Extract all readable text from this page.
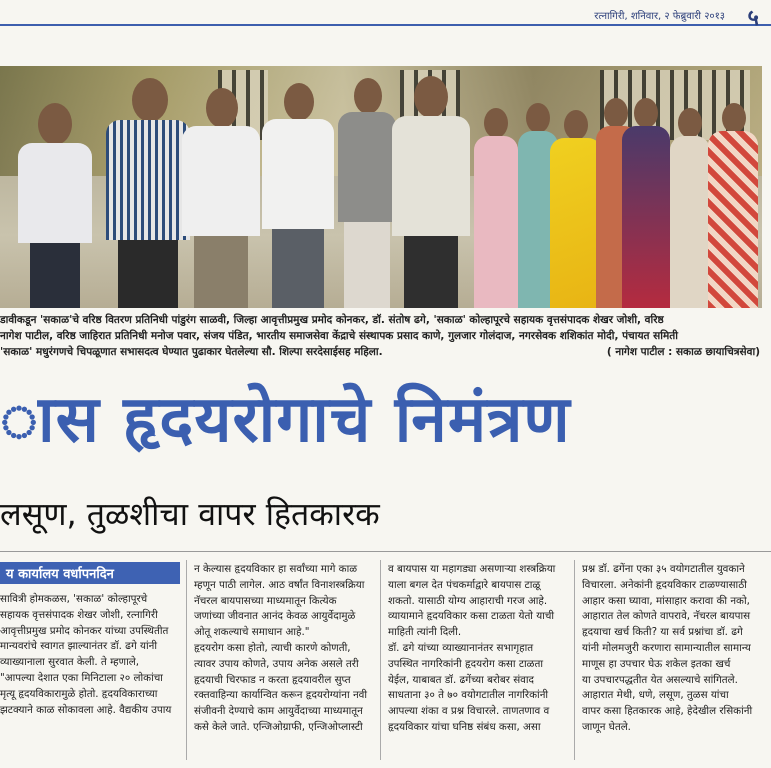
रत्नागिरी, शनिवार, २ फेब्रुवारी २०१३ ५

डावीकडून 'सकाळ'चे वरिष्ठ वितरण प्रतिनिधी पांडुरंग साळवी, जिल्हा आवृत्तीप्रमुख प्रमोद कोनकर, डॉ. संतोष ढगे, 'सकाळ' कोल्हापूरचे सहायक वृत्तसंपादक शेखर जोशी, वरिष्ठ

नागेश पाटील, वरिष्ठ जाहिरात प्रतिनिधी मनोज पवार, संजय पंडित, भारतीय समाजसेवा केंद्राचे संस्थापक प्रसाद काणे, गुलजार गोलंदाज, नगरसेवक शशिकांत मोदी, पंचायत समिती

'सकाळ' मधुरंगणचे चिपळूणात सभासदत्व घेण्यात पुढाकार घेतलेल्या सौ. शिल्पा सरदेसाईसह महिला.	( नागेश पाटील : सकाळ छायाचित्रसेवा)

ास हृदयरोगाचे निमंत्रण
लसूण, तुळशीचा वापर हितकारक
य कार्यालय वर्धापनदिन

सावित्री होमकळस, 'सकाळ' कोल्हापूरचे

सहायक वृत्तसंपादक शेखर जोशी, रत्नागिरी

आवृत्तीप्रमुख प्रमोद कोनकर यांच्या उपस्थितीत

मान्यवरांचे स्वागत झाल्यानंतर डॉ. ढगे यांनी

व्याख्यानाला सुरवात केली. ते म्हणाले,

"आपल्या देशात एका मिनिटाला २० लोकांचा

मृत्यू हृदयविकारामुळे होतो. हृदयविकाराच्या

झटक्याने काळ सोकावला आहे. वैद्यकीय उपाय

न केल्यास हृदयविकार हा सर्वांच्या मागे काळ

म्हणून पाठी लागेल. आठ वर्षांत विनाशस्त्रक्रिया

नॅचरल बायपासच्या माध्यमातून कित्येक

जणांच्या जीवनात आनंद केवळ आयुर्वेदामुळे

ओतू शकल्याचे समाधान आहे."

हृदयरोग कसा होतो, त्याची कारणे कोणती,

त्यावर उपाय कोणते, उपाय अनेक असले तरी

हृदयाची चिरफाड न करता हृदयावरील सुप्त

रक्तवाहिन्या कार्यान्वित करून हृदयरोग्यांना नवी

संजीवनी देण्याचे काम आयुर्वेदाच्या माध्यमातून

कसे केले जाते. एन्जिओग्राफी, एन्जिओप्लास्टी

व बायपास या महागड्या असणाऱ्या शस्त्रक्रिया

याला बगल देत पंचकर्माद्वारे बायपास टाळू

शकतो. यासाठी योग्य आहाराची गरज आहे.

व्यायामाने हृदयविकार कसा टाळता येतो याची

माहिती त्यांनी दिली.

डॉ. ढगे यांच्या व्याख्यानानंतर सभागृहात

उपस्थित नागरिकांनी हृदयरोग कसा टाळता

येईल, याबाबत डॉ. ढगेंच्या बरोबर संवाद

साधताना ३० ते ७० वयोगटातील नागरिकांनी

आपल्या शंका व प्रश्न विचारले. ताणतणाव व

हृदयविकार यांचा घनिष्ठ संबंध कसा, असा

प्रश्न डॉ. ढगेंना एका ३५ वयोगटातील युवकाने

विचारला. अनेकांनी हृदयविकार टाळण्यासाठी

आहार कसा घ्यावा, मांसाहार करावा की नको,

आहारात तेल कोणते वापरावे, नॅचरल बायपास

हृदयाचा खर्च किती? या सर्व प्रश्नांचा डॉ. ढगे

यांनी मोलमजुरी करणारा सामान्यातील सामान्य

माणूस हा उपचार घेऊ शकेल इतका खर्च

या उपचारपद्धतीत येत असल्याचे सांगितले.

आहारात मेथी, धणे, लसूण, तुळस यांचा

वापर कसा हितकारक आहे, हेदेखील रसिकांनी

जाणून घेतले.
